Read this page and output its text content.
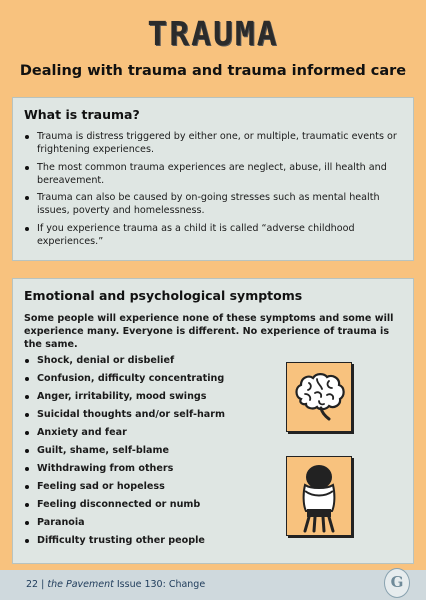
TRAUMA
Dealing with trauma and trauma informed care
What is trauma?
Trauma is distress triggered by either one, or multiple, traumatic events or frightening experiences.
The most common trauma experiences are neglect, abuse, ill health and bereavement.
Trauma can also be caused by on-going stresses such as mental health issues, poverty and homelessness.
If you experience trauma as a child it is called “adverse childhood experiences.”
Emotional and psychological symptoms
Some people will experience none of these symptoms and some will experience many. Everyone is different. No experience of trauma is the same.
Shock, denial or disbelief
Confusion, difficulty concentrating
Anger, irritability, mood swings
Suicidal thoughts and/or self-harm
Anxiety and fear
Guilt, shame, self-blame
Withdrawing from others
Feeling sad or hopeless
Feeling disconnected or numb
Paranoia
Difficulty trusting other people
22 | the Pavement Issue 130: Change	G
